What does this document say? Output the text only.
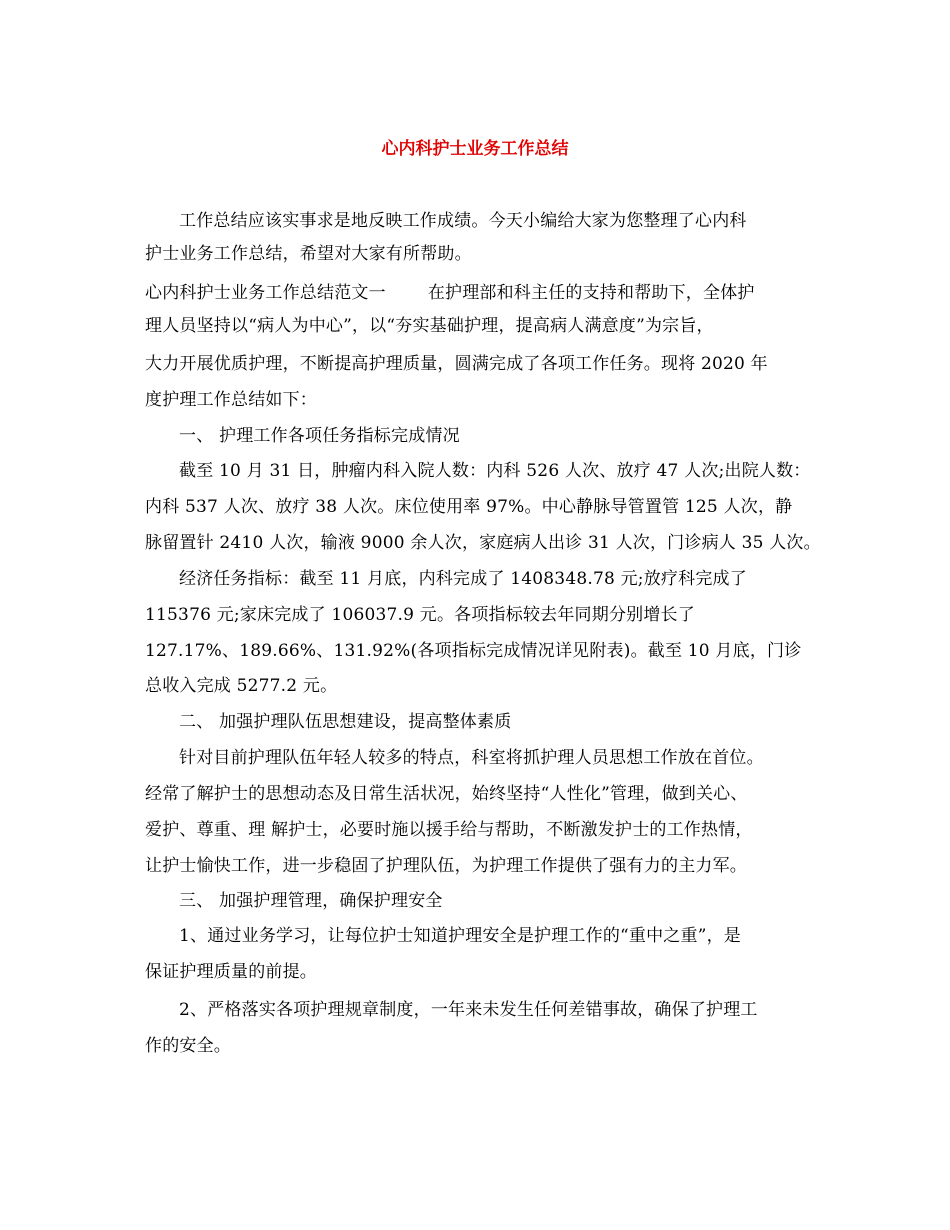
心内科护士业务工作总结
工作总结应该实事求是地反映工作成绩。今天小编给大家为您整理了心内科
护士业务工作总结，希望对大家有所帮助。
心内科护士业务工作总结范文一 在护理部和科主任的支持和帮助下，全体护
理人员坚持以“病人为中心”，以“夯实基础护理，提高病人满意度”为宗旨，
大力开展优质护理，不断提高护理质量，圆满完成了各项工作任务。现将 2020 年
度护理工作总结如下：
一、 护理工作各项任务指标完成情况
截至 10 月 31 日，肿瘤内科入院人数：内科 526 人次、放疗 47 人次;出院人数：
内科 537 人次、放疗 38 人次。床位使用率 97%。中心静脉导管置管 125 人次，静
脉留置针 2410 人次，输液 9000 余人次，家庭病人出诊 31 人次，门诊病人 35 人次。
经济任务指标：截至 11 月底，内科完成了 1408348.78 元;放疗科完成了
115376 元;家床完成了 106037.9 元。各项指标较去年同期分别增长了
127.17%、189.66%、131.92%(各项指标完成情况详见附表)。截至 10 月底，门诊
总收入完成 5277.2 元。
二、 加强护理队伍思想建设，提高整体素质
针对目前护理队伍年轻人较多的特点，科室将抓护理人员思想工作放在首位。
经常了解护士的思想动态及日常生活状况，始终坚持“人性化”管理，做到关心、
爱护、尊重、理 解护士，必要时施以援手给与帮助，不断激发护士的工作热情，
让护士愉快工作，进一步稳固了护理队伍，为护理工作提供了强有力的主力军。
三、 加强护理管理，确保护理安全
1、通过业务学习，让每位护士知道护理安全是护理工作的“重中之重”，是
保证护理质量的前提。
2、严格落实各项护理规章制度，一年来未发生任何差错事故，确保了护理工
作的安全。
